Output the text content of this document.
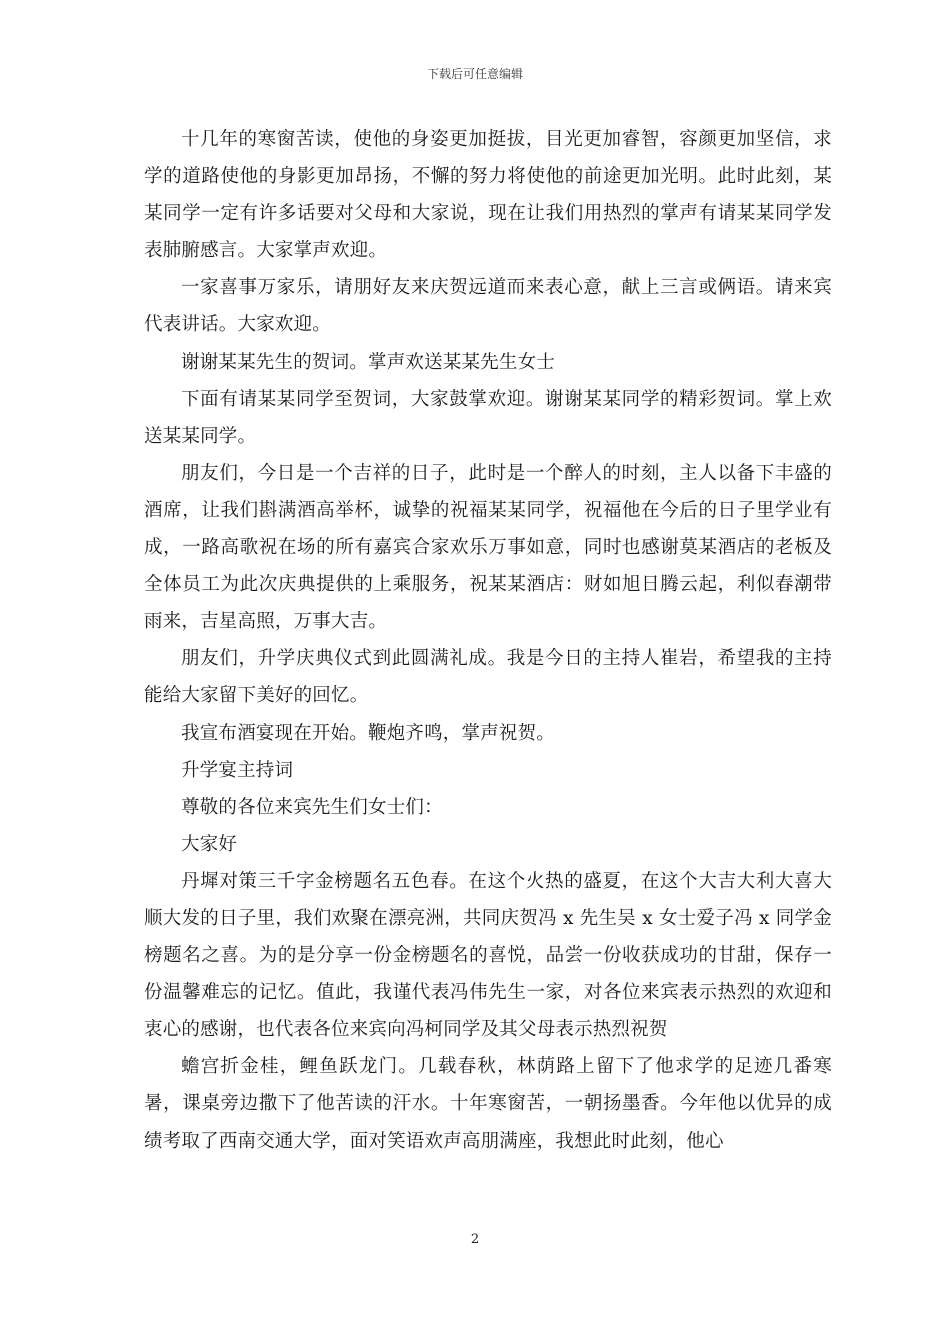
下载后可任意编辑

十几年的寒窗苦读，使他的身姿更加挺拔，目光更加睿智，容颜更加坚信，求学的道路使他的身影更加昂扬，不懈的努力将使他的前途更加光明。此时此刻，某某同学一定有许多话要对父母和大家说，现在让我们用热烈的掌声有请某某同学发表肺腑感言。大家掌声欢迎。

一家喜事万家乐，请朋好友来庆贺远道而来表心意，献上三言或俩语。请来宾代表讲话。大家欢迎。

谢谢某某先生的贺词。掌声欢送某某先生女士

下面有请某某同学至贺词，大家鼓掌欢迎。谢谢某某同学的精彩贺词。掌上欢送某某同学。

朋友们，今日是一个吉祥的日子，此时是一个醉人的时刻，主人以备下丰盛的酒席，让我们斟满酒高举杯，诚挚的祝福某某同学，祝福他在今后的日子里学业有成，一路高歌祝在场的所有嘉宾合家欢乐万事如意，同时也感谢莫某酒店的老板及全体员工为此次庆典提供的上乘服务，祝某某酒店：财如旭日腾云起，利似春潮带雨来，吉星高照，万事大吉。

朋友们，升学庆典仪式到此圆满礼成。我是今日的主持人崔岩，希望我的主持能给大家留下美好的回忆。

我宣布酒宴现在开始。鞭炮齐鸣，掌声祝贺。

升学宴主持词

尊敬的各位来宾先生们女士们：

大家好

丹墀对策三千字金榜题名五色春。在这个火热的盛夏，在这个大吉大利大喜大顺大发的日子里，我们欢聚在漂亮洲，共同庆贺冯 x 先生吴 x 女士爱子冯 x 同学金榜题名之喜。为的是分享一份金榜题名的喜悦，品尝一份收获成功的甘甜，保存一份温馨难忘的记忆。值此，我谨代表冯伟先生一家，对各位来宾表示热烈的欢迎和衷心的感谢，也代表各位来宾向冯柯同学及其父母表示热烈祝贺

蟾宫折金桂，鲤鱼跃龙门。几载春秋，林荫路上留下了他求学的足迹几番寒暑，课桌旁边撒下了他苦读的汗水。十年寒窗苦，一朝扬墨香。今年他以优异的成绩考取了西南交通大学，面对笑语欢声高朋满座，我想此时此刻，他心

2
